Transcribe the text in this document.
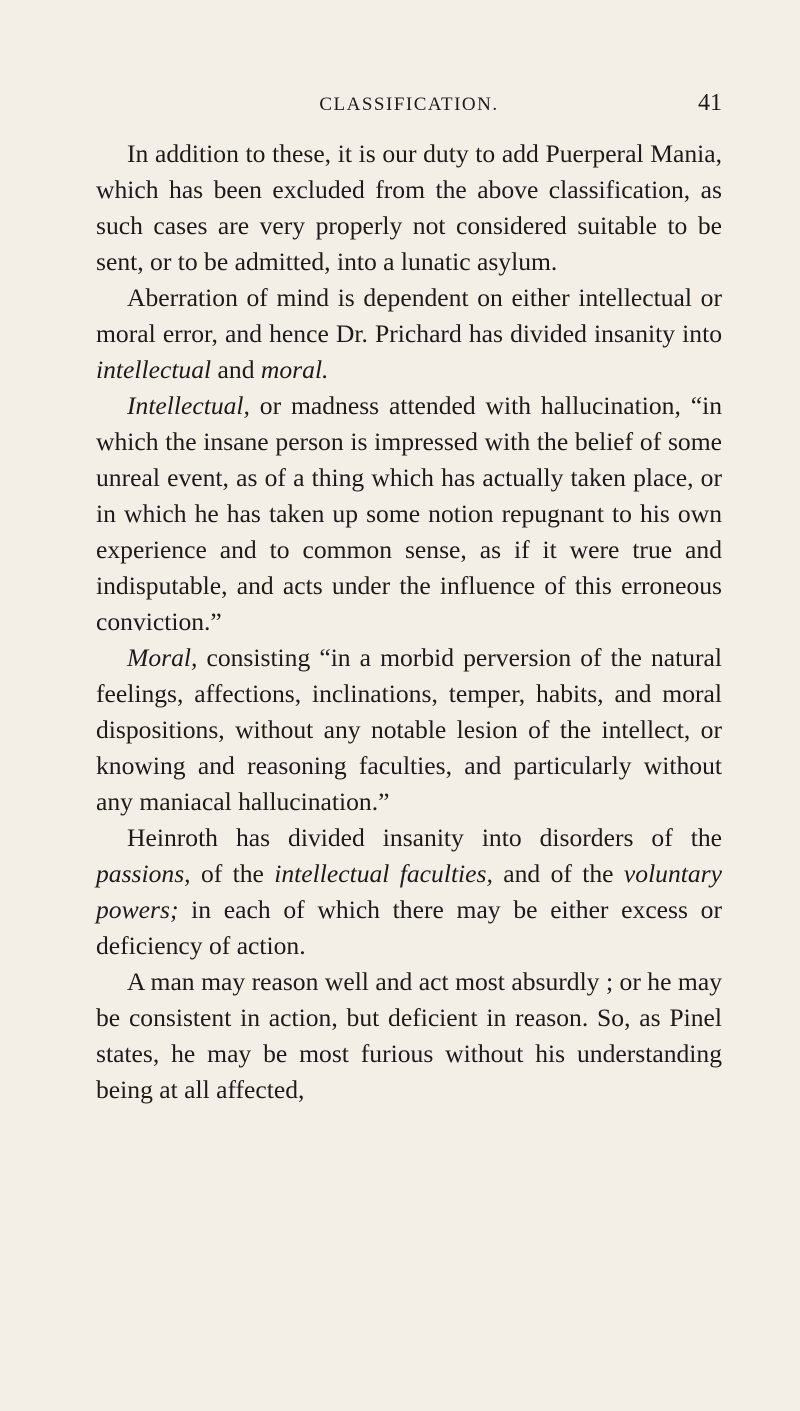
CLASSIFICATION.	41

In addition to these, it is our duty to add Puerperal Mania, which has been excluded from the above classification, as such cases are very properly not considered suitable to be sent, or to be admitted, into a lunatic asylum.

Aberration of mind is dependent on either intellectual or moral error, and hence Dr. Prichard has divided insanity into intellectual and moral.

Intellectual, or madness attended with hallucination, “in which the insane person is impressed with the belief of some unreal event, as of a thing which has actually taken place, or in which he has taken up some notion repugnant to his own experience and to common sense, as if it were true and indisputable, and acts under the influence of this erroneous conviction.”

Moral, consisting “in a morbid perversion of the natural feelings, affections, inclinations, temper, habits, and moral dispositions, without any notable lesion of the intellect, or knowing and reasoning faculties, and particularly without any maniacal hallucination.”

Heinroth has divided insanity into disorders of the passions, of the intellectual faculties, and of the voluntary powers; in each of which there may be either excess or deficiency of action.

A man may reason well and act most absurdly ; or he may be consistent in action, but deficient in reason. So, as Pinel states, he may be most furious without his understanding being at all affected,
